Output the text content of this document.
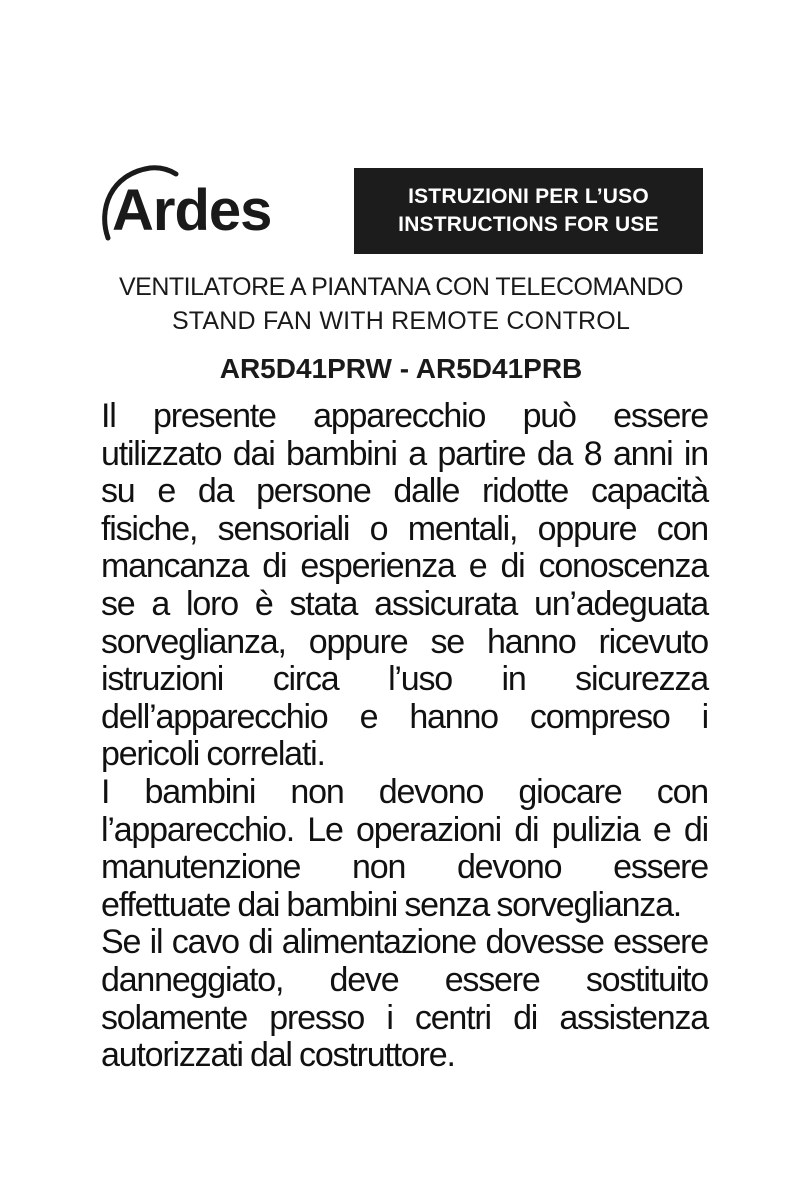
Ardes	ISTRUZIONI PER L’USO
INSTRUCTIONS FOR USE
VENTILATORE A PIANTANA CON TELECOMANDO
STAND FAN WITH REMOTE CONTROL
AR5D41PRW - AR5D41PRB

Il presente apparecchio può essere utilizzato dai bambini a partire da 8 anni in su e da persone dalle ridotte capacità fisiche, sensoriali o mentali, oppure con mancanza di esperienza e di conoscenza se a loro è stata assicurata un’adeguata sorveglianza, oppure se hanno ricevuto istruzioni circa l’uso in sicurezza dell’apparecchio e hanno compreso i pericoli correlati.

I bambini non devono giocare con l’apparecchio. Le operazioni di pulizia e di manutenzione non devono essere effettuate dai bambini senza sorveglianza.

Se il cavo di alimentazione dovesse essere danneggiato, deve essere sostituito solamente presso i centri di assistenza autorizzati dal costruttore.
